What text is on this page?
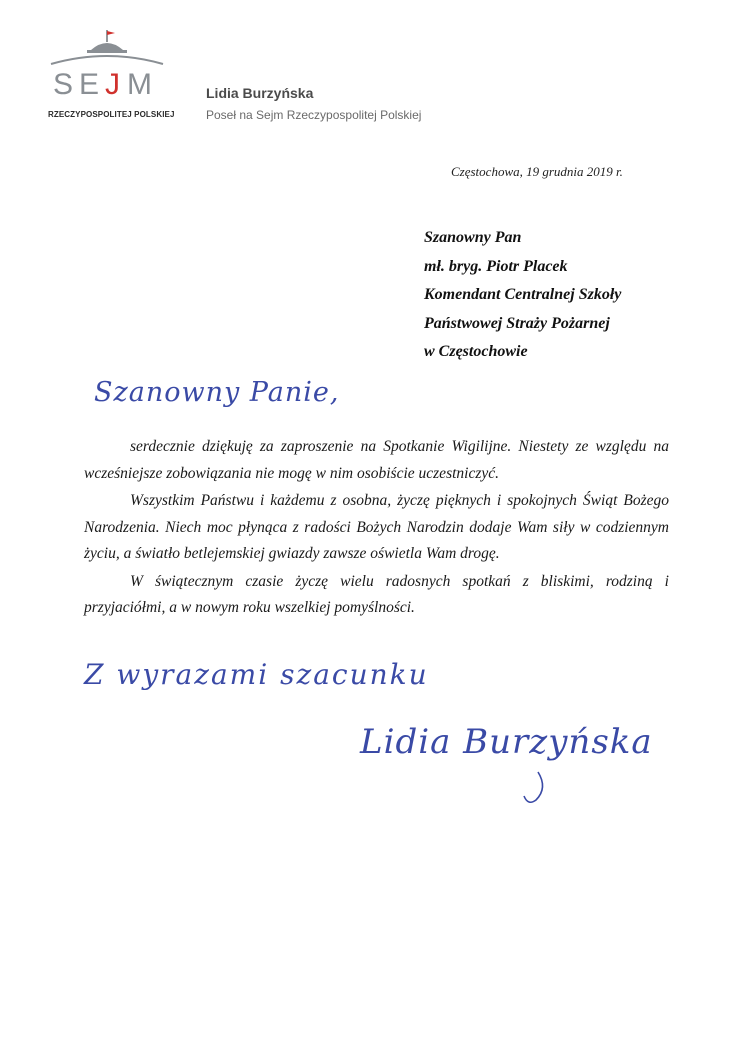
S E J M
RZECZYPOSPOLITEJ POLSKIEJ
Lidia Burzyńska
Poseł na Sejm Rzeczypospolitej Polskiej
Częstochowa, 19 grudnia 2019 r.
Szanowny Pan
mł. bryg. Piotr Placek
Komendant Centralnej Szkoły
Państwowej Straży Pożarnej
w Częstochowie
Szanowny Panie,

serdecznie dziękuję za zaproszenie na Spotkanie Wigilijne. Niestety ze względu na wcześniejsze zobowiązania nie mogę w nim osobiście uczestniczyć.

Wszystkim Państwu i każdemu z osobna, życzę pięknych i spokojnych Świąt Bożego Narodzenia. Niech moc płynąca z radości Bożych Narodzin dodaje Wam siły w codziennym życiu, a światło betlejemskiej gwiazdy zawsze oświetla Wam drogę.

W świątecznym czasie życzę wielu radosnych spotkań z bliskimi, rodziną i przyjaciółmi, a w nowym roku wszelkiej pomyślności.

Z wyrazami szacunku
Lidia Burzyńska
